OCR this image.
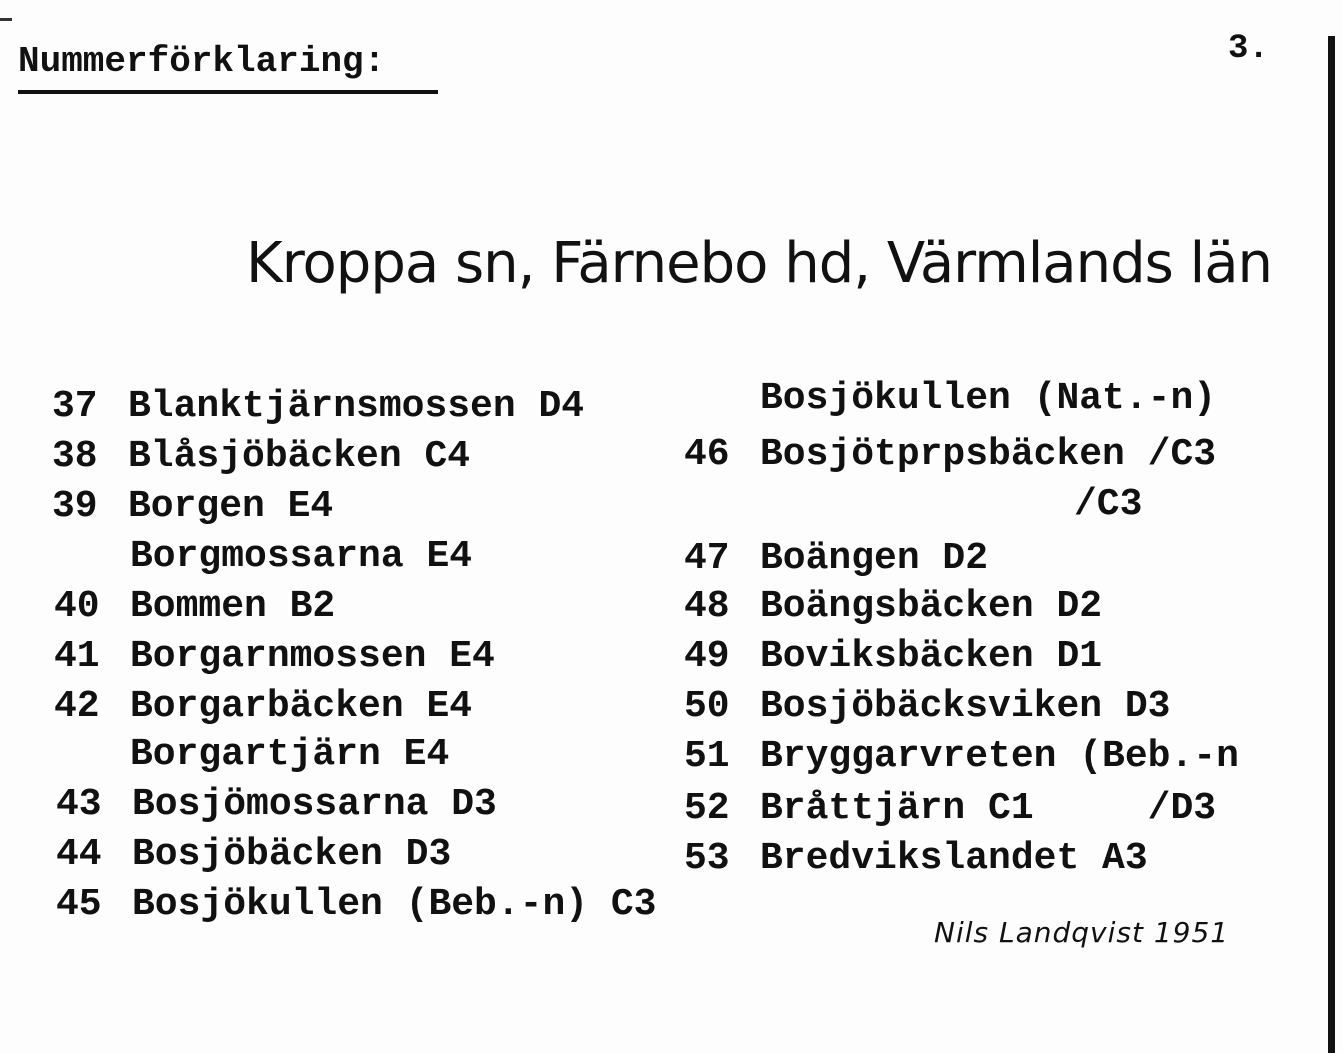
Nummerförklaring:	3.
Kroppa sn, Färnebo hd, Värmlands län
37 Blanktjärnsmossen D4
38 Blåsjöbäcken C4
39 Borgen E4
Borgmossarna E4
40 Bommen B2
41 Borgarnmossen E4
42 Borgarbäcken E4
Borgartjärn E4
43 Bosjömossarna D3
44 Bosjöbäcken D3
45 Bosjökullen (Beb.-n) C3
Bosjökullen (Nat.-n)
46 Bosjötprpsbäcken /C3
/C3
47 Boängen D2
48 Boängsbäcken D2
49 Boviksbäcken D1
50 Bosjöbäcksviken D3
51 Bryggarvreten (Beb.-n
52 Bråttjärn C1     /D3
53 Bredvikslandet A3
Nils Landqvist 1951
